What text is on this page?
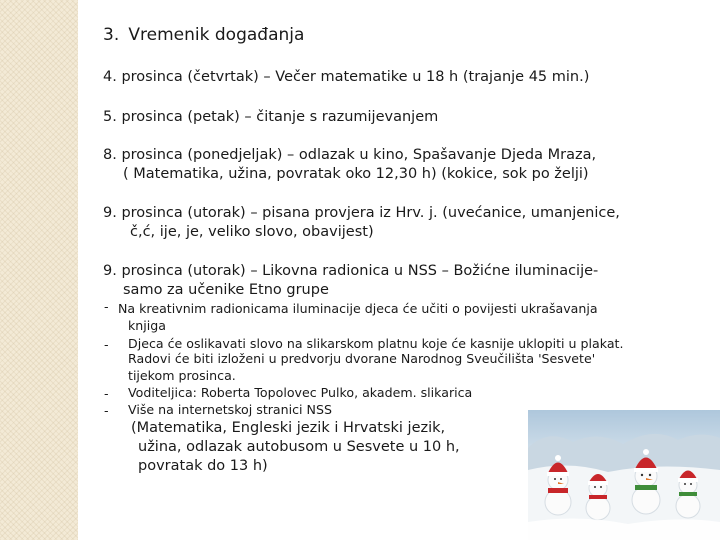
3. Vremenik događanja
4. prosinca (četvrtak) – Večer matematike u 18 h (trajanje 45 min.)
5. prosinca (petak) – čitanje s razumijevanjem
8. prosinca (ponedjeljak) – odlazak u kino, Spašavanje Djeda Mraza,
( Matematika, užina, povratak oko 12,30 h) (kokice, sok po želji)
9. prosinca (utorak) – pisana provjera iz Hrv. j. (uvećanice, umanjenice,
č,ć, ije, je, veliko slovo, obavijest)
9. prosinca (utorak) – Likovna radionica u NSS – Božićne iluminacije-
samo za učenike Etno grupe
-
-
-
-
Na kreativnim radionicama iluminacije djeca će učiti o povijesti ukrašavanja
knjiga
Djeca će oslikavati slovo na slikarskom platnu koje će kasnije uklopiti u plakat.
Radovi će biti izloženi u predvorju dvorane Narodnog Sveučilišta 'Sesvete'
tijekom prosinca.
Voditeljica: Roberta Topolovec Pulko, akadem. slikarica
Više na internetskoj stranici NSS
(Matematika, Engleski jezik i Hrvatski jezik,
užina, odlazak autobusom u Sesvete u 10 h,
povratak do 13 h)
